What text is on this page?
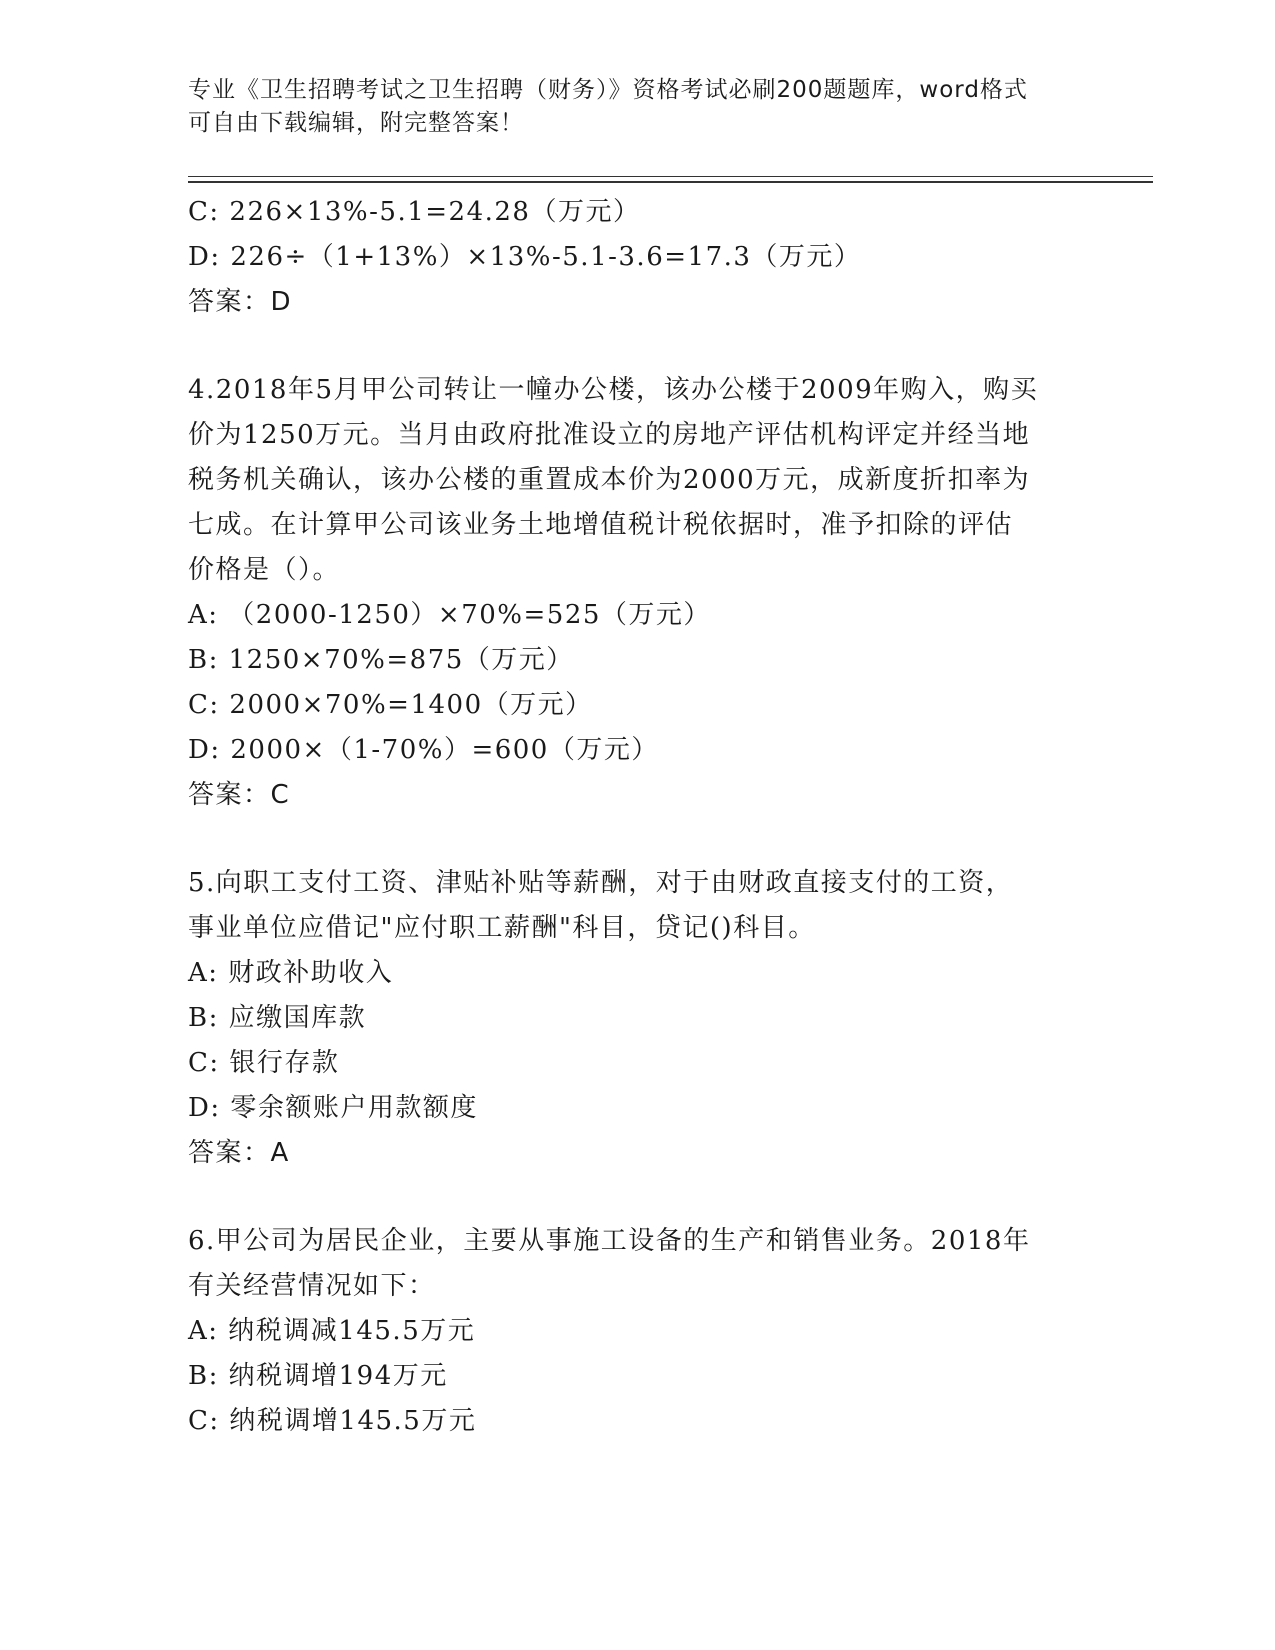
专业《卫生招聘考试之卫生招聘（财务）》资格考试必刷200题题库，word格式
可自由下载编辑，附完整答案！
C: 226×13%-5.1=24.28（万元）
D: 226÷（1+13%）×13%-5.1-3.6=17.3（万元）
答案：D
4.2018年5月甲公司转让一幢办公楼，该办公楼于2009年购入，购买
价为1250万元。当月由政府批准设立的房地产评估机构评定并经当地
税务机关确认，该办公楼的重置成本价为2000万元，成新度折扣率为
七成。在计算甲公司该业务土地增值税计税依据时，准予扣除的评估
价格是（）。
A: （2000-1250）×70%=525（万元）
B: 1250×70%=875（万元）
C: 2000×70%=1400（万元）
D: 2000×（1-70%）=600（万元）
答案：C
5.向职工支付工资、津贴补贴等薪酬，对于由财政直接支付的工资，
事业单位应借记"应付职工薪酬"科目，贷记()科目。
A: 财政补助收入
B: 应缴国库款
C: 银行存款
D: 零余额账户用款额度
答案：A
6.甲公司为居民企业，主要从事施工设备的生产和销售业务。2018年
有关经营情况如下：
A: 纳税调减145.5万元
B: 纳税调增194万元
C: 纳税调增145.5万元
